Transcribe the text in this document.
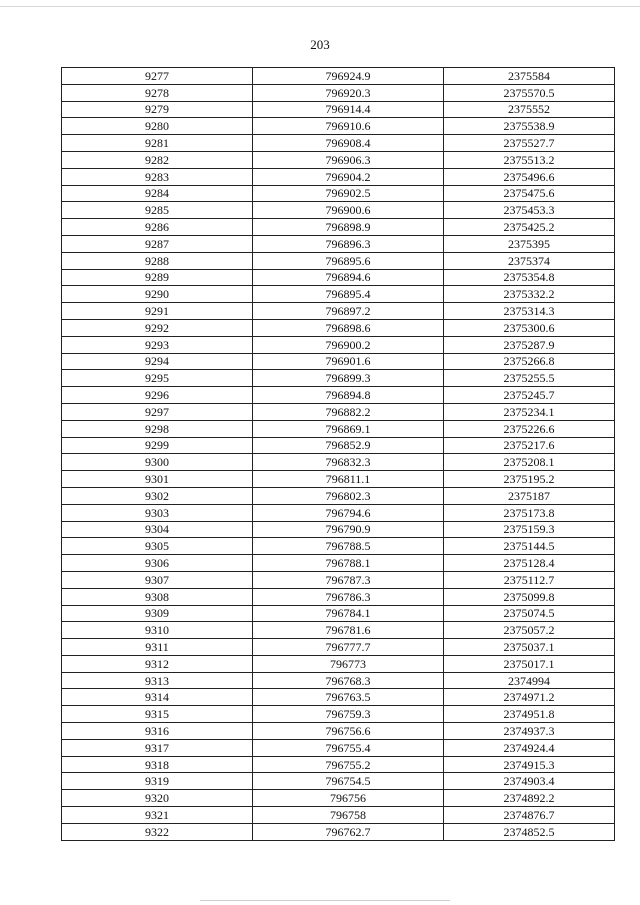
203
9277	796924.9	2375584
9278	796920.3	2375570.5
9279	796914.4	2375552
9280	796910.6	2375538.9
9281	796908.4	2375527.7
9282	796906.3	2375513.2
9283	796904.2	2375496.6
9284	796902.5	2375475.6
9285	796900.6	2375453.3
9286	796898.9	2375425.2
9287	796896.3	2375395
9288	796895.6	2375374
9289	796894.6	2375354.8
9290	796895.4	2375332.2
9291	796897.2	2375314.3
9292	796898.6	2375300.6
9293	796900.2	2375287.9
9294	796901.6	2375266.8
9295	796899.3	2375255.5
9296	796894.8	2375245.7
9297	796882.2	2375234.1
9298	796869.1	2375226.6
9299	796852.9	2375217.6
9300	796832.3	2375208.1
9301	796811.1	2375195.2
9302	796802.3	2375187
9303	796794.6	2375173.8
9304	796790.9	2375159.3
9305	796788.5	2375144.5
9306	796788.1	2375128.4
9307	796787.3	2375112.7
9308	796786.3	2375099.8
9309	796784.1	2375074.5
9310	796781.6	2375057.2
9311	796777.7	2375037.1
9312	796773	2375017.1
9313	796768.3	2374994
9314	796763.5	2374971.2
9315	796759.3	2374951.8
9316	796756.6	2374937.3
9317	796755.4	2374924.4
9318	796755.2	2374915.3
9319	796754.5	2374903.4
9320	796756	2374892.2
9321	796758	2374876.7
9322	796762.7	2374852.5
